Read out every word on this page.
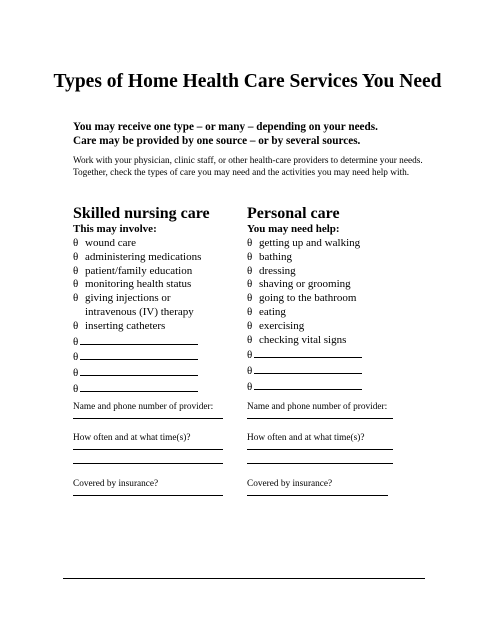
Types of Home Health Care Services You Need
You may receive one type – or many – depending on your needs.
Care may be provided by one source – or by several sources.
Work with your physician, clinic staff, or other health-care providers to determine your needs. Together, check the types of care you may need and the activities you may need help with.
Skilled nursing care
This may involve:
θ wound care
θ administering medications
θ patient/family education
θ monitoring health status
θ giving injections or
intravenous (IV) therapy
θ inserting catheters
θ
θ
θ
θ
Personal care
You may need help:
θ getting up and walking
θ bathing
θ dressing
θ shaving or grooming
θ going to the bathroom
θ eating
θ exercising
θ checking vital signs
θ
θ
θ
Name and phone number of provider:	Name and phone number of provider:
How often and at what time(s)?	How often and at what time(s)?
Covered by insurance?	Covered by insurance?
